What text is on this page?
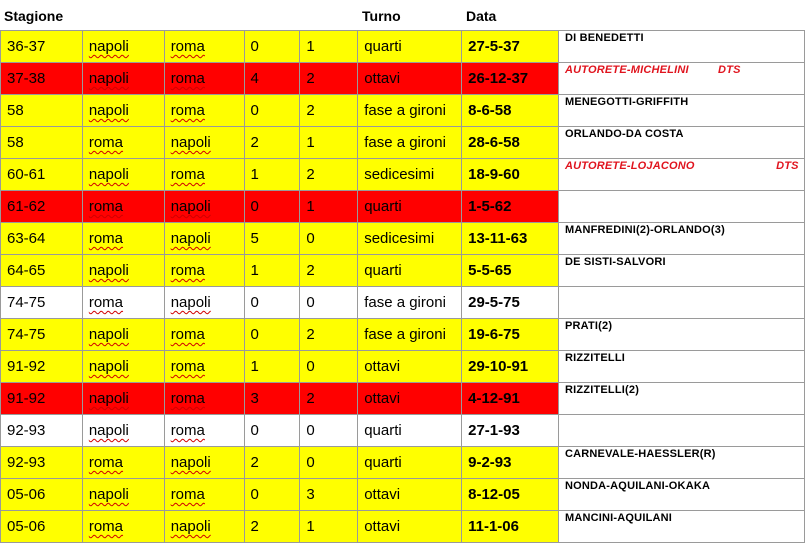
Stagione	Turno	Data
36-37	napoli	roma	0	1	quarti	27-5-37	DI BENEDETTI
37-38	napoli	roma	4	2	ottavi	26-12-37	AUTORETE-MICHELINI         DTS
58	napoli	roma	0	2	fase a gironi	8-6-58	MENEGOTTI-GRIFFITH
58	roma	napoli	2	1	fase a gironi	28-6-58	ORLANDO-DA COSTA
60-61	napoli	roma	1	2	sedicesimi	18-9-60	AUTORETE-LOJACONO                         DTS
61-62	roma	napoli	0	1	quarti	1-5-62	
63-64	roma	napoli	5	0	sedicesimi	13-11-63	MANFREDINI(2)-ORLANDO(3)
64-65	napoli	roma	1	2	quarti	5-5-65	DE SISTI-SALVORI
74-75	roma	napoli	0	0	fase a gironi	29-5-75	
74-75	napoli	roma	0	2	fase a gironi	19-6-75	PRATI(2)
91-92	napoli	roma	1	0	ottavi	29-10-91	RIZZITELLI
91-92	napoli	roma	3	2	ottavi	4-12-91	RIZZITELLI(2)
92-93	napoli	roma	0	0	quarti	27-1-93	
92-93	roma	napoli	2	0	quarti	9-2-93	CARNEVALE-HAESSLER(R)
05-06	napoli	roma	0	3	ottavi	8-12-05	NONDA-AQUILANI-OKAKA
05-06	roma	napoli	2	1	ottavi	11-1-06	MANCINI-AQUILANI
